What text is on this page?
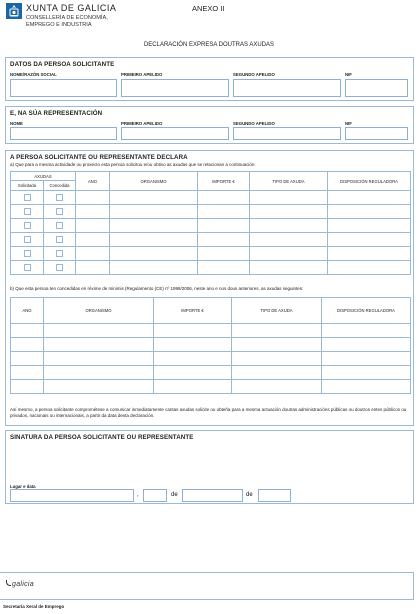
XUNTA DE GALICIA
CONSELLERÍA DE ECONOMÍA,
EMPREGO E INDUSTRIA
ANEXO II
DECLARACIÓN EXPRESA DOUTRAS AXUDAS
DATOS DA PERSOA SOLICITANTE
NOME/RAZÓN SOCIAL	PRIMEIRO APELIDO	SEGUNDO APELIDO	NIF
E, NA SÚA REPRESENTACIÓN
NOME	PRIMEIRO APELIDO	SEGUNDO APELIDO	NIF
A PERSOA SOLICITANTE OU REPRESENTANTE DECLARA
a) Que para a mesma actividade ou proxecto esta persoa solicitou e/ou obtivo as axudas que se relacionan a continuación:
AXUDAS		ANO	ORGANISMO	IMPORTE €	TIPO DE AXUDA	DISPOSICIÓN REGULADORA
Solicitada	Concedida					

b) Que esta persoa ten concedidas en réxime de minimis (Regulamento (CE) nº 1998/2006, neste ano e nos dous anteriores, as axudas seguintes:
ANO	ORGANISMO	IMPORTE €	TIPO DE AXUDA	DISPOSICIÓN REGULADORA

Así mesmo, a persoa solicitante comprométese a comunicar inmediatamente cantas axudas solicite ou obteña para a mesma actuación doutras administracións públicas ou doutros entes públicos ou privados, nacionais ou internacionais, a partir da data desta declaración.
SINATURA DA PERSOA SOLICITANTE OU REPRESENTANTE
Lugar e data
,	de	de
galicia
Secretaría Xeral de Emprego
